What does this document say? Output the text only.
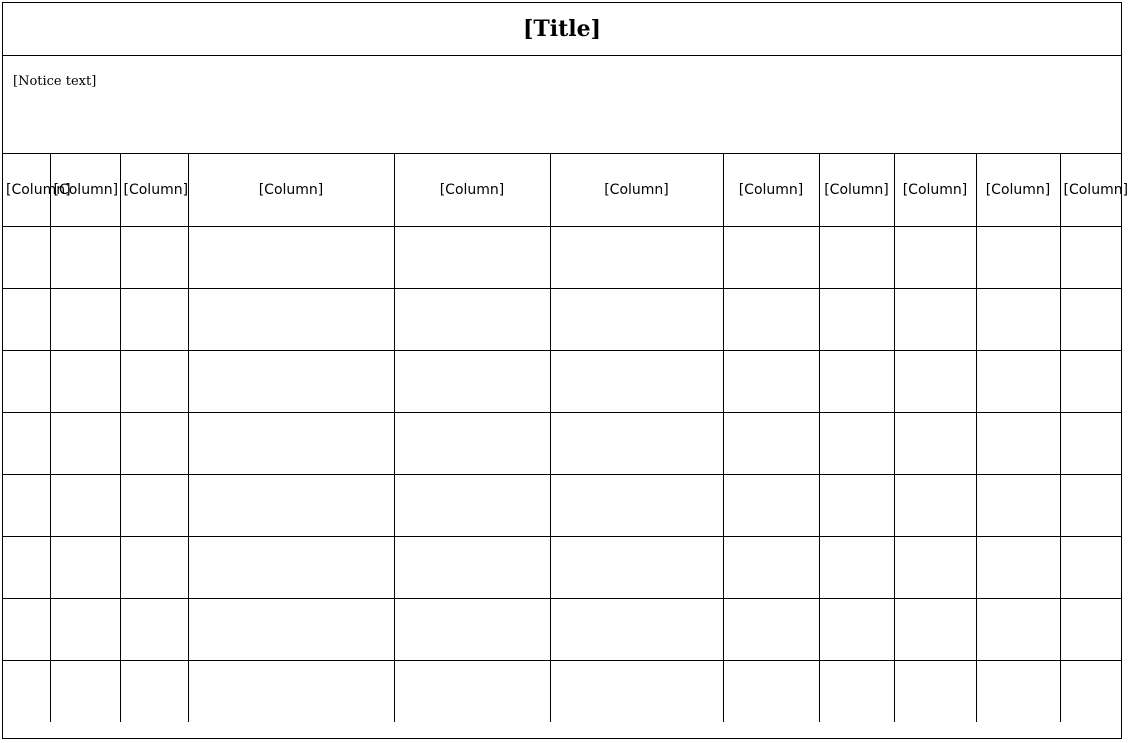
[Title]
[Notice text]
[Column]	[Column]	[Column]	[Column]	[Column]	[Column]	[Column]	[Column]	[Column]	[Column]	[Column]
